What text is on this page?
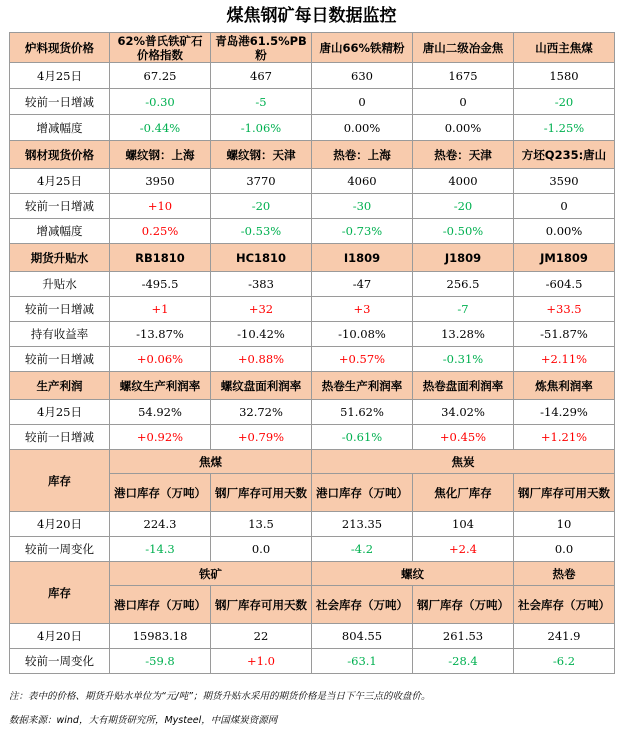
煤焦钢矿每日数据监控
炉料现货价格	62%普氏铁矿石价格指数	青岛港61.5%PB粉	唐山66%铁精粉	唐山二级冶金焦	山西主焦煤
4月25日	67.25	467	630	1675	1580
较前一日增减	-0.30	-5	0	0	-20
增减幅度	-0.44%	-1.06%	0.00%	0.00%	-1.25%
钢材现货价格	螺纹钢：上海	螺纹钢：天津	热卷：上海	热卷：天津	方坯Q235:唐山
4月25日	3950	3770	4060	4000	3590
较前一日增减	+10	-20	-30	-20	0
增减幅度	0.25%	-0.53%	-0.73%	-0.50%	0.00%
期货升贴水	RB1810	HC1810	I1809	J1809	JM1809
升贴水	-495.5	-383	-47	256.5	-604.5
较前一日增减	+1	+32	+3	-7	+33.5
持有收益率	-13.87%	-10.42%	-10.08%	13.28%	-51.87%
较前一日增减	+0.06%	+0.88%	+0.57%	-0.31%	+2.11%
生产利润	螺纹生产利润率	螺纹盘面利润率	热卷生产利润率	热卷盘面利润率	炼焦利润率
4月25日	54.92%	32.72%	51.62%	34.02%	-14.29%
较前一日增减	+0.92%	+0.79%	-0.61%	+0.45%	+1.21%
库存	焦煤		焦炭		
	港口库存（万吨）	钢厂库存可用天数	港口库存（万吨）	焦化厂库存	钢厂库存可用天数
4月20日	224.3	13.5	213.35	104	10
较前一周变化	-14.3	0.0	-4.2	+2.4	0.0
库存	铁矿		螺纹		热卷
	港口库存（万吨）	钢厂库存可用天数	社会库存（万吨）	钢厂库存（万吨）	社会库存（万吨）
4月20日	15983.18	22	804.55	261.53	241.9
较前一周变化	-59.8	+1.0	-63.1	-28.4	-6.2
注：表中的价格、期货升贴水单位为“元/吨”；期货升贴水采用的期货价格是当日下午三点的收盘价。
数据来源：wind，大有期货研究所，Mysteel，中国煤炭资源网
